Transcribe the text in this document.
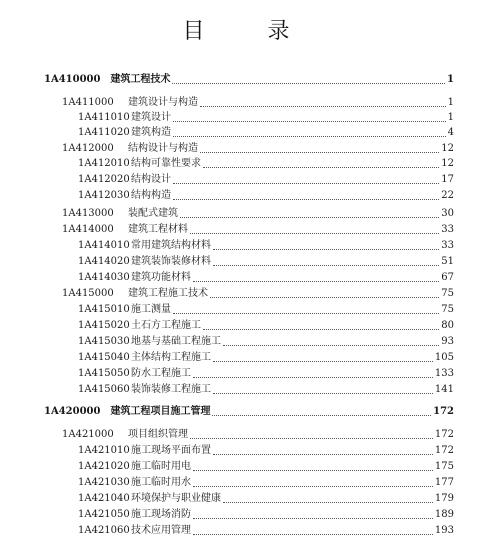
目 录
1A410000 建筑工程技术	1
1A411000	建筑设计与构造	1
1A411010 建筑设计	1
1A411020 建筑构造	4
1A412000	结构设计与构造	12
1A412010 结构可靠性要求	12
1A412020 结构设计	17
1A412030 结构构造	22
1A413000	装配式建筑	30
1A414000	建筑工程材料	33
1A414010 常用建筑结构材料	33
1A414020 建筑装饰装修材料	51
1A414030 建筑功能材料	67
1A415000	建筑工程施工技术	75
1A415010 施工测量	75
1A415020 土石方工程施工	80
1A415030 地基与基础工程施工	93
1A415040 主体结构工程施工	105
1A415050 防水工程施工	133
1A415060 装饰装修工程施工	141
1A420000 建筑工程项目施工管理	172
1A421000	项目组织管理	172
1A421010 施工现场平面布置	172
1A421020 施工临时用电	175
1A421030 施工临时用水	177
1A421040 环境保护与职业健康	179
1A421050 施工现场消防	189
1A421060 技术应用管理	193
